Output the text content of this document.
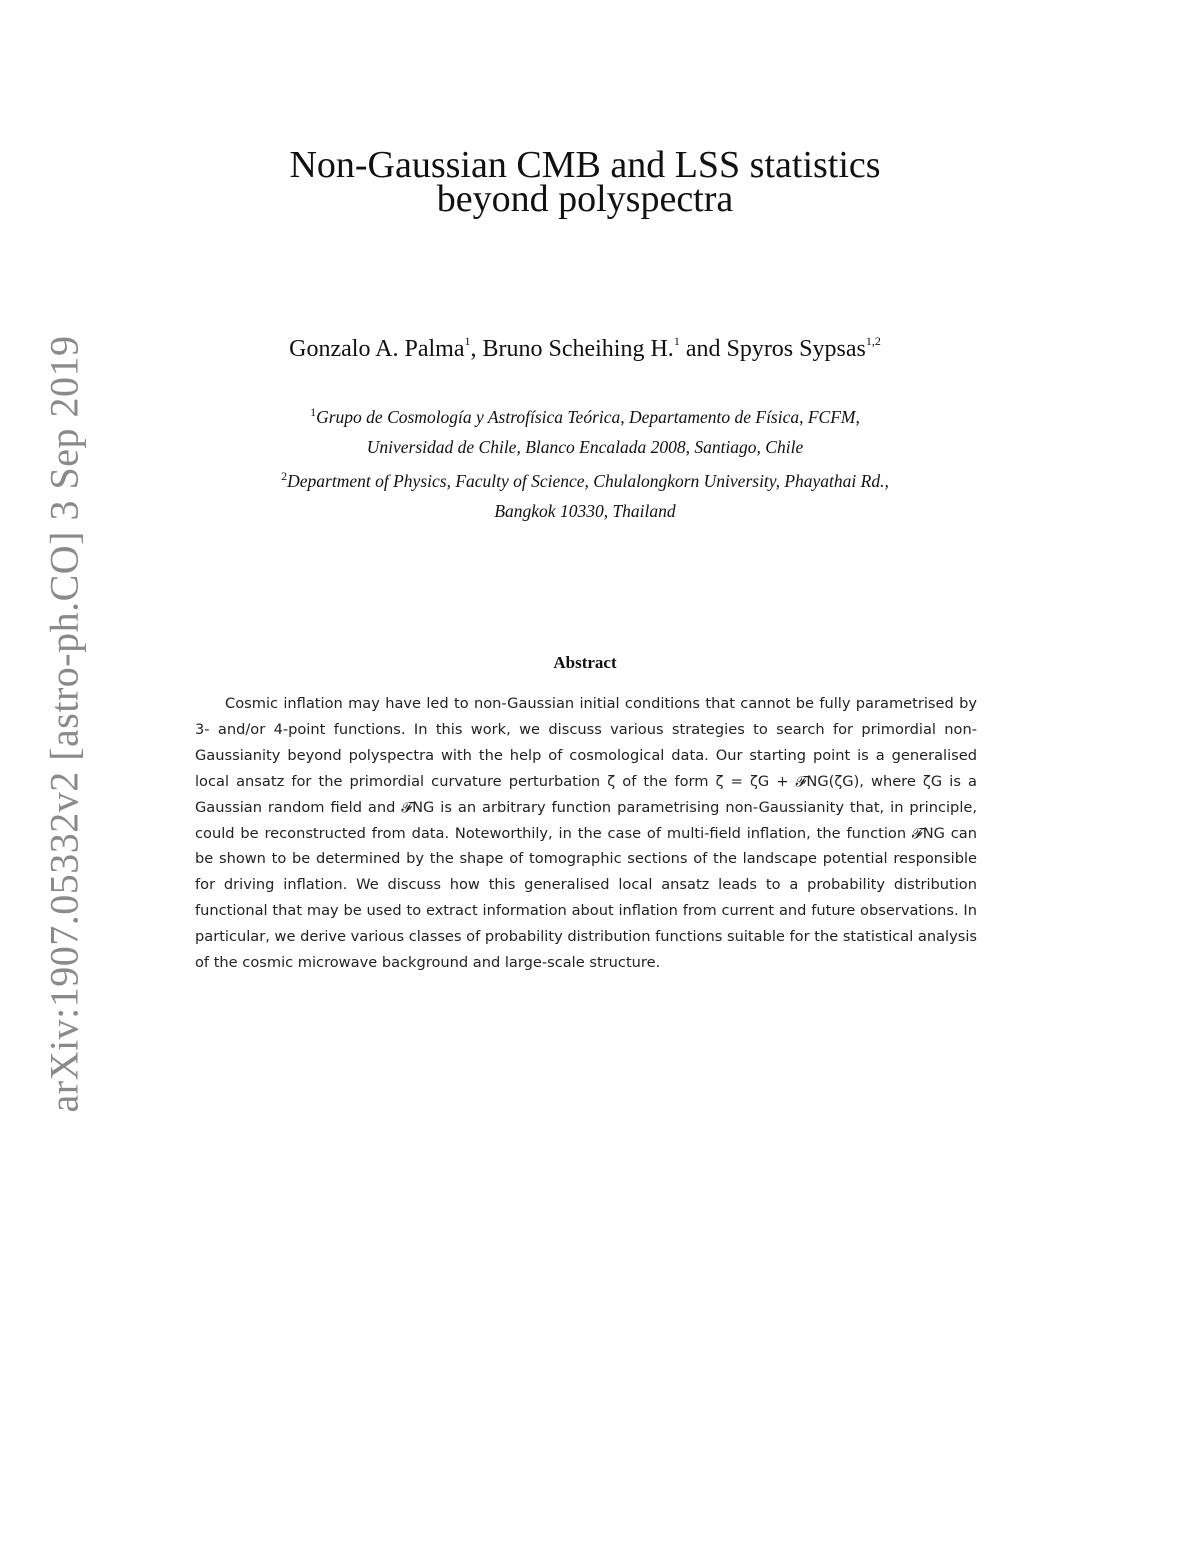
arXiv:1907.05332v2 [astro-ph.CO] 3 Sep 2019
Non-Gaussian CMB and LSS statistics
beyond polyspectra
Gonzalo A. Palma$^1$, Bruno Scheihing H.$^1$ and Spyros Sypsas$^{1,2}$
$^1$Grupo de Cosmología y Astrofísica Teórica, Departamento de Física, FCFM,
Universidad de Chile, Blanco Encalada 2008, Santiago, Chile
$^2$Department of Physics, Faculty of Science, Chulalongkorn University, Phayathai Rd.,
Bangkok 10330, Thailand
Abstract

Cosmic inflation may have led to non-Gaussian initial conditions that cannot be fully parametrised by 3- and/or 4-point functions. In this work, we discuss various strategies to search for primordial non-Gaussianity beyond polyspectra with the help of cosmological data. Our starting point is a generalised local ansatz for the primordial curvature perturbation ζ of the form ζ = ζG + 𝓕NG(ζG), where ζG is a Gaussian random field and 𝓕NG is an arbitrary function parametrising non-Gaussianity that, in principle, could be reconstructed from data. Noteworthily, in the case of multi-field inflation, the function 𝓕NG can be shown to be determined by the shape of tomographic sections of the landscape potential responsible for driving inflation. We discuss how this generalised local ansatz leads to a probability distribution functional that may be used to extract information about inflation from current and future observations. In particular, we derive various classes of probability distribution functions suitable for the statistical analysis of the cosmic microwave background and large-scale structure.
